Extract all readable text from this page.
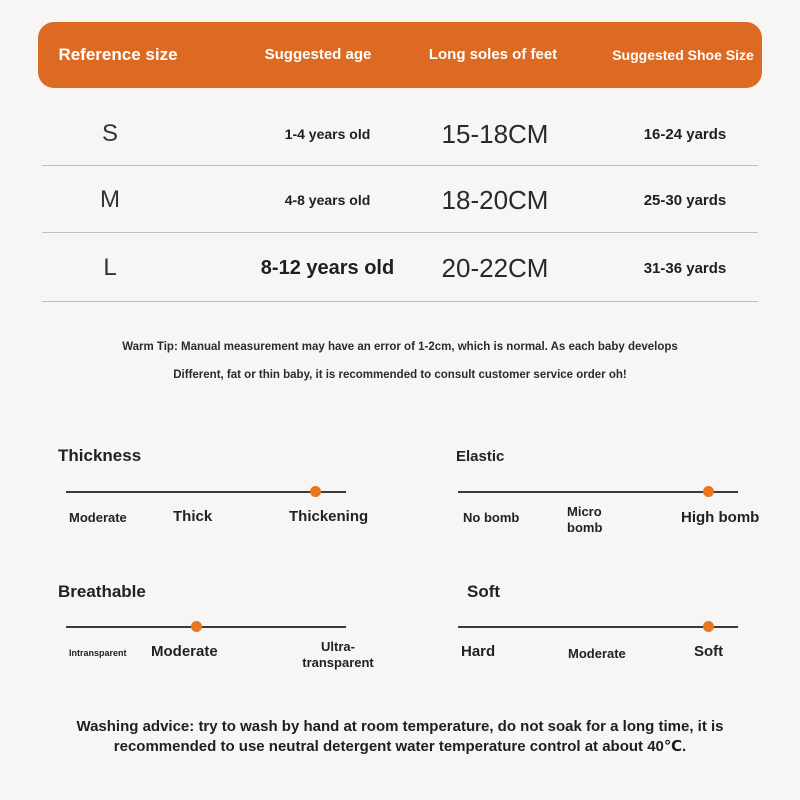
Reference size	Suggested age	Long soles of feet	Suggested Shoe Size
S	1-4 years old	15-18CM	16-24 yards
M	4-8 years old	18-20CM	25-30 yards
L	8-12 years old	20-22CM	31-36 yards
Warm Tip: Manual measurement may have an error of 1-2cm, which is normal. As each baby develops
Different, fat or thin baby, it is recommended to consult customer service order oh!
Thickness
Moderate	Thick	Thickening
Elastic
No bomb	Micro bomb
High bomb
Breathable
Intransparent Moderate	Ultra-transparent
Soft
Hard	Moderate	Soft
Washing advice: try to wash by hand at room temperature, do not soak for a long time, it is
recommended to use neutral detergent water temperature control at about 40℃.
